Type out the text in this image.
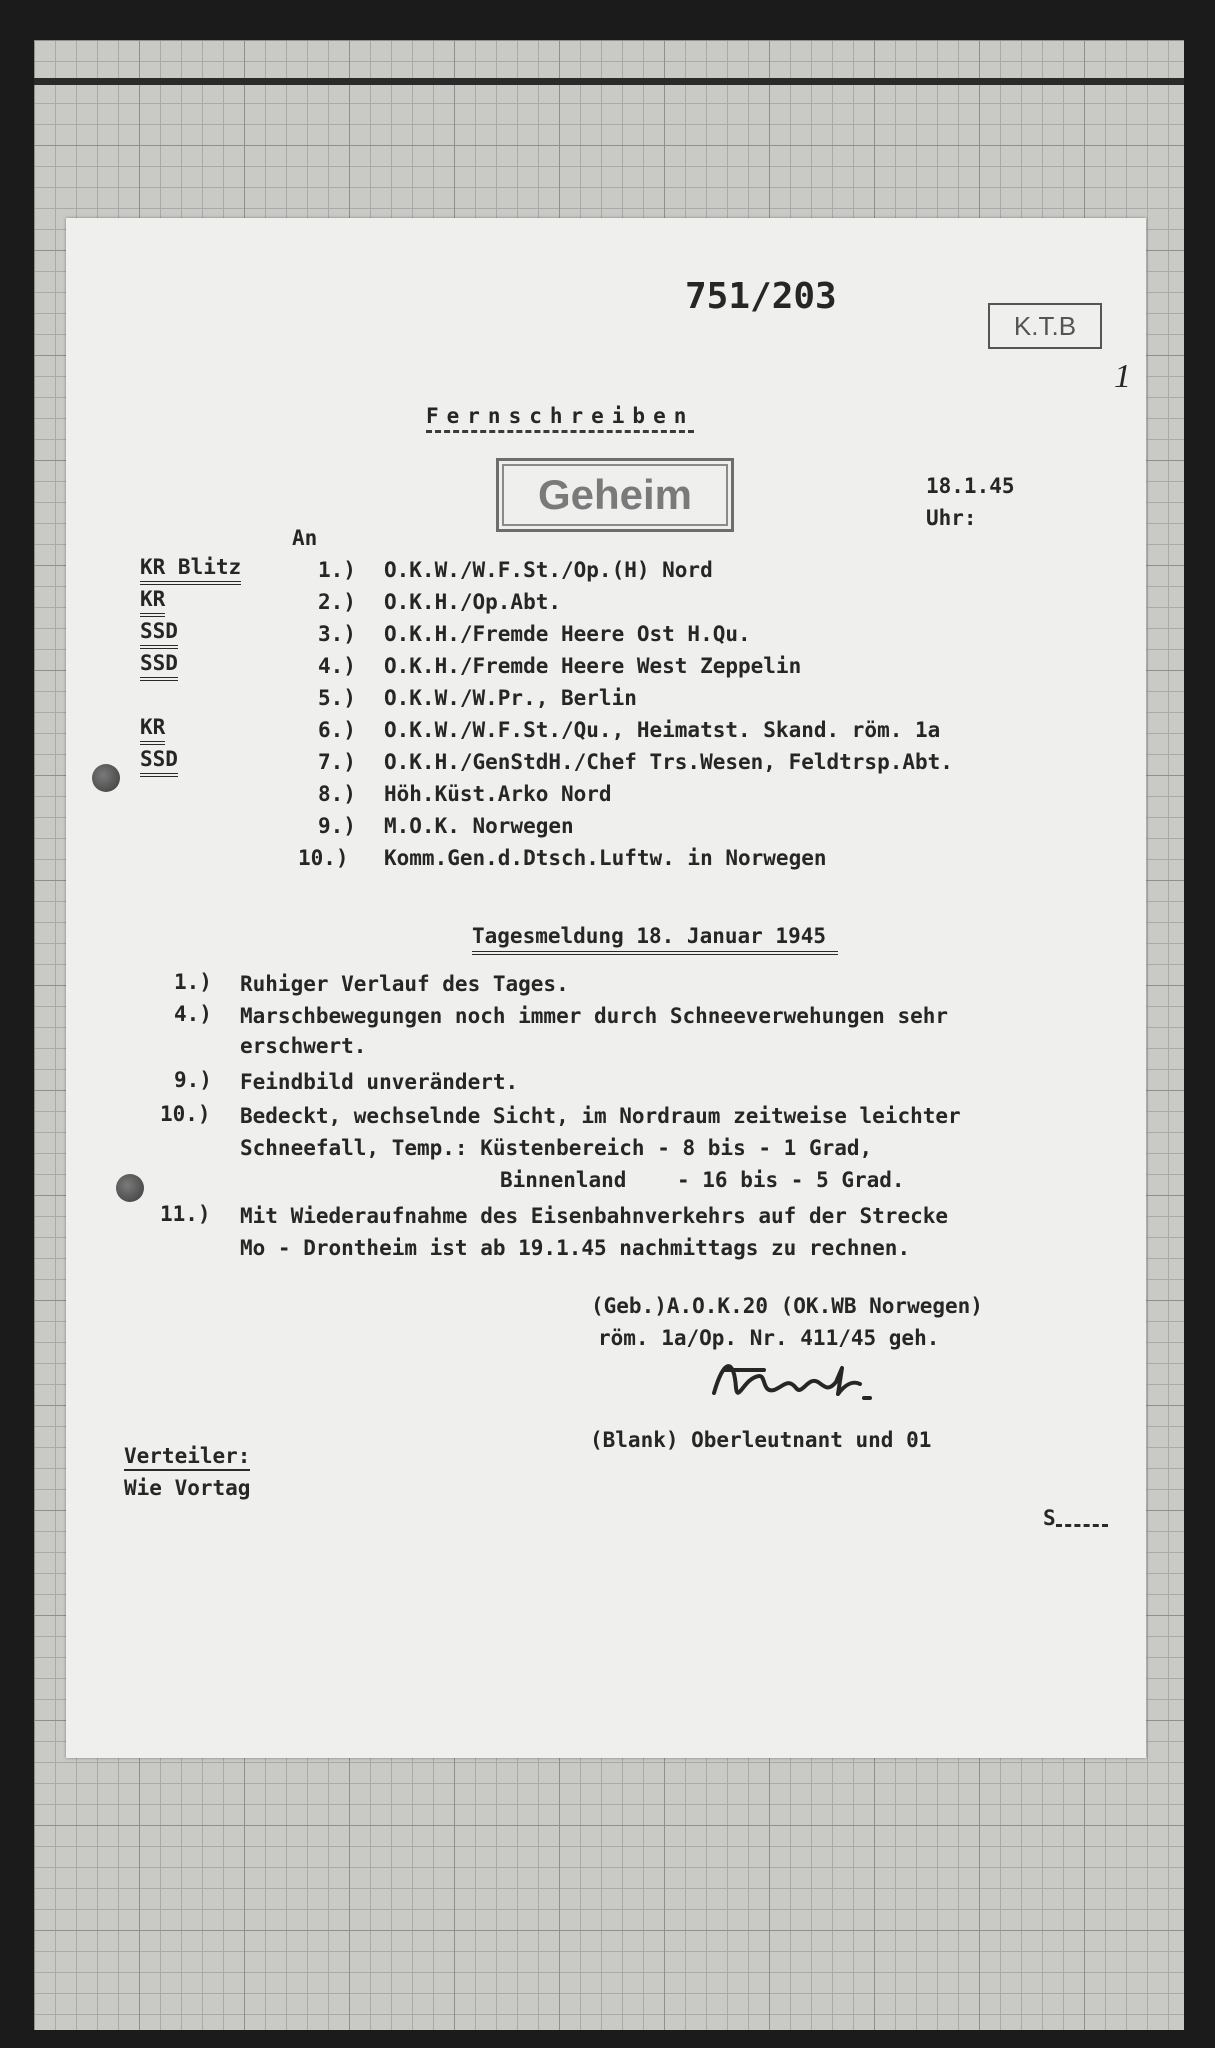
751/203
K.T.B
1
Fernschreiben
Geheim	18.1.45
Uhr:
An
KR Blitz	1.) O.K.W./W.F.St./Op.(H) Nord
KR	2.) O.K.H./Op.Abt.
SSD	3.) O.K.H./Fremde Heere Ost H.Qu.
SSD	4.) O.K.H./Fremde Heere West Zeppelin
5.) O.K.W./W.Pr., Berlin
KR	6.) O.K.W./W.F.St./Qu., Heimatst. Skand. röm. 1a
SSD	7.) O.K.H./GenStdH./Chef Trs.Wesen, Feldtrsp.Abt.
8.) Höh.Küst.Arko Nord
9.) M.O.K. Norwegen
10.) Komm.Gen.d.Dtsch.Luftw. in Norwegen
Tagesmeldung 18. Januar 1945
1.) Ruhiger Verlauf des Tages.
4.) Marschbewegungen noch immer durch Schneeverwehungen sehr
erschwert.
9.) Feindbild unverändert.
10.) Bedeckt, wechselnde Sicht, im Nordraum zeitweise leichter
Schneefall, Temp.: Küstenbereich - 8 bis - 1 Grad,
Binnenland    - 16 bis - 5 Grad.
11.) Mit Wiederaufnahme des Eisenbahnverkehrs auf der Strecke
Mo - Drontheim ist ab 19.1.45 nachmittags zu rechnen.
(Geb.)A.O.K.20 (OK.WB Norwegen)
röm. 1a/Op. Nr. 411/45 geh.
(Blank) Oberleutnant und 01
Verteiler:
Wie Vortag
S
